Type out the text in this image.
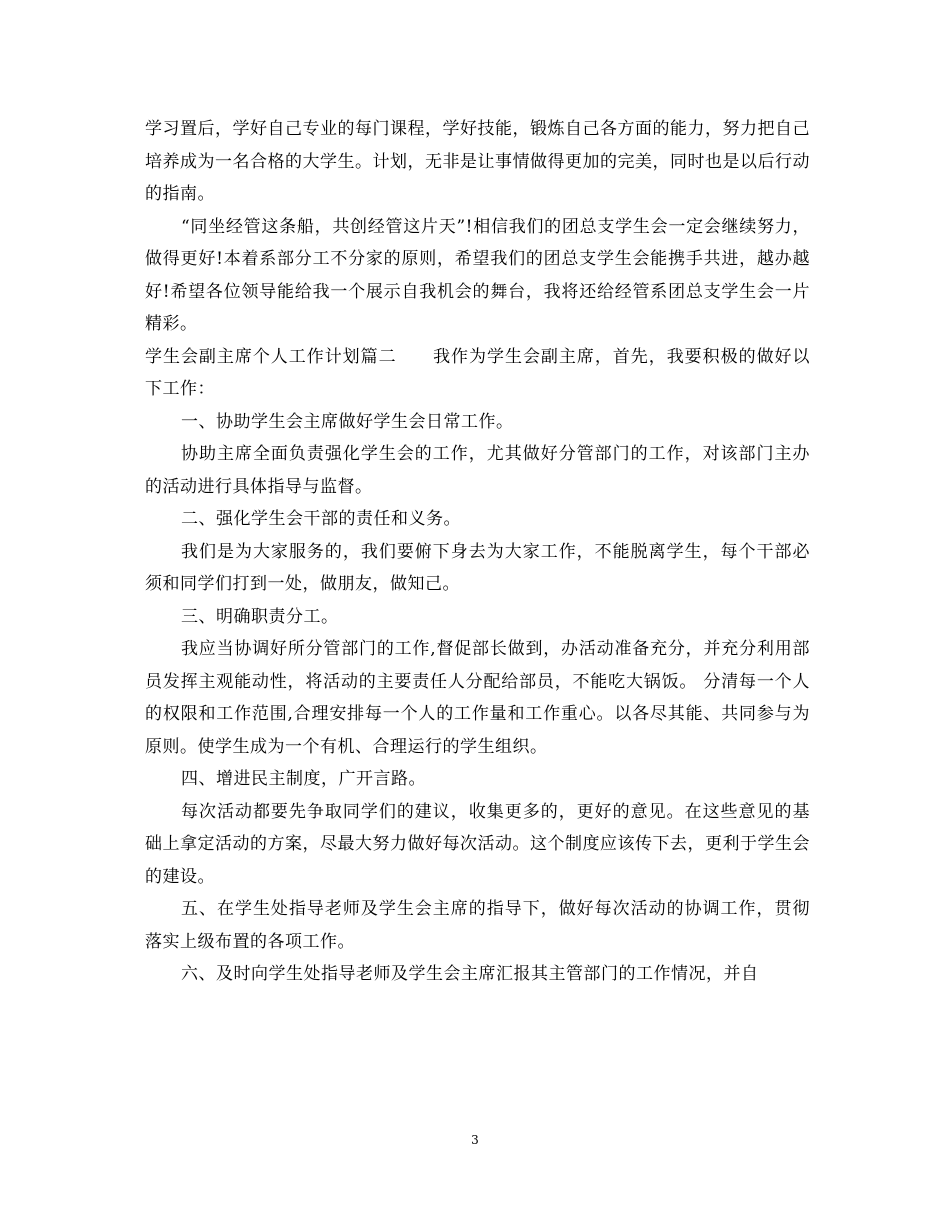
学习置后，学好自己专业的每门课程，学好技能，锻炼自己各方面的能力，努力把自己培养成为一名合格的大学生。计划，无非是让事情做得更加的完美，同时也是以后行动的指南。

“同坐经管这条船，共创经管这片天”!相信我们的团总支学生会一定会继续努力，做得更好!本着系部分工不分家的原则，希望我们的团总支学生会能携手共进，越办越好!希望各位领导能给我一个展示自我机会的舞台，我将还给经管系团总支学生会一片精彩。

学生会副主席个人工作计划篇二 我作为学生会副主席，首先，我要积极的做好以下工作：

一、协助学生会主席做好学生会日常工作。

协助主席全面负责强化学生会的工作，尤其做好分管部门的工作，对该部门主办的活动进行具体指导与监督。

二、强化学生会干部的责任和义务。

我们是为大家服务的，我们要俯下身去为大家工作，不能脱离学生，每个干部必须和同学们打到一处，做朋友，做知己。

三、明确职责分工。

我应当协调好所分管部门的工作,督促部长做到，办活动准备充分，并充分利用部员发挥主观能动性，将活动的主要责任人分配给部员，不能吃大锅饭。 分清每一个人的权限和工作范围,合理安排每一个人的工作量和工作重心。以各尽其能、共同参与为原则。使学生成为一个有机、合理运行的学生组织。

四、增进民主制度，广开言路。

每次活动都要先争取同学们的建议，收集更多的，更好的意见。在这些意见的基础上拿定活动的方案，尽最大努力做好每次活动。这个制度应该传下去，更利于学生会的建设。

五、在学生处指导老师及学生会主席的指导下，做好每次活动的协调工作，贯彻落实上级布置的各项工作。

六、及时向学生处指导老师及学生会主席汇报其主管部门的工作情况，并自

3
